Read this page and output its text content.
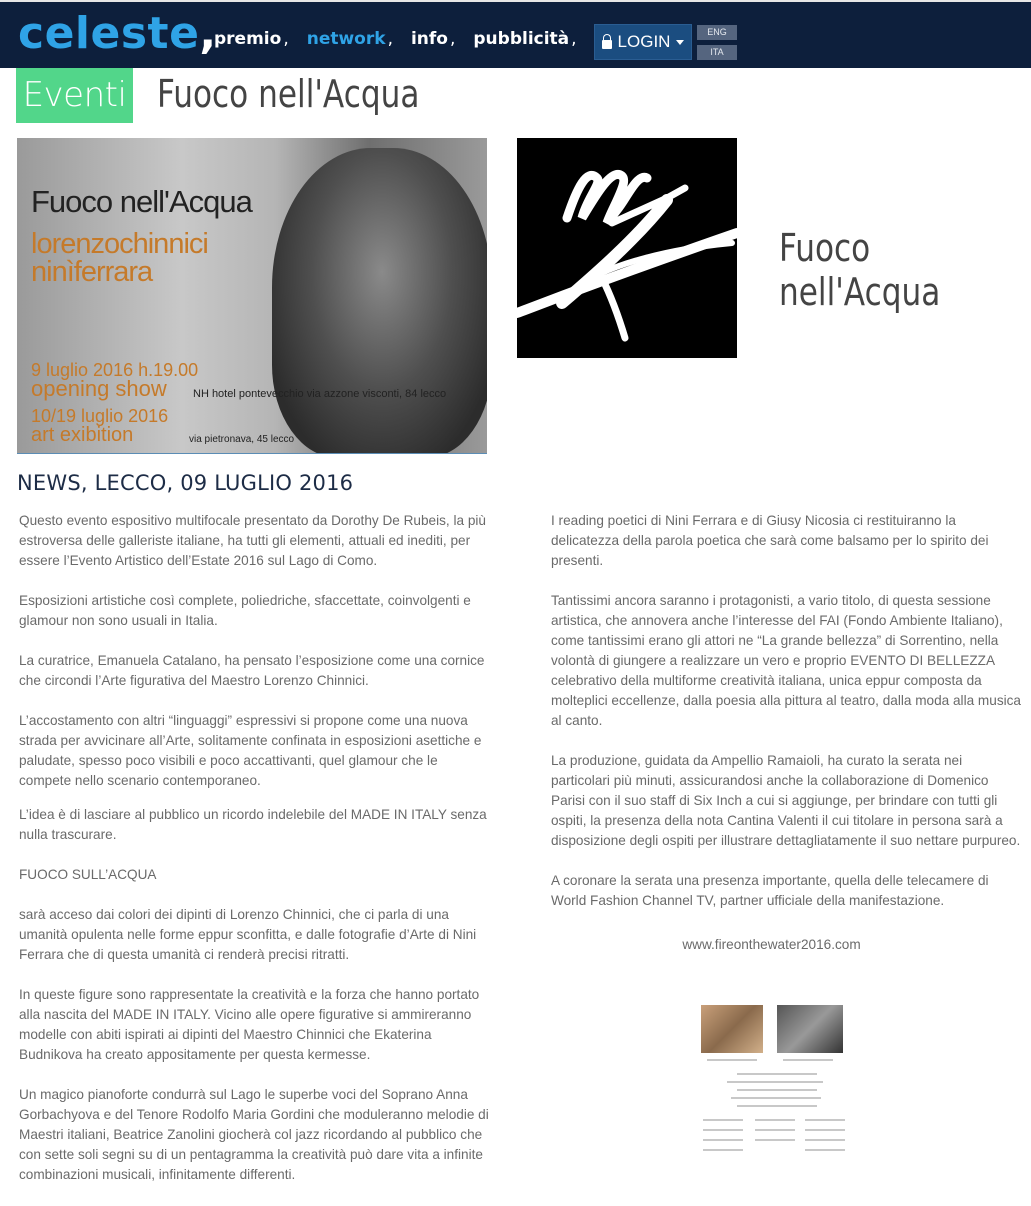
celeste,
premio , network , info , pubblicità , LOGIN	ENG
ITA
Eventi Fuoco nell'Acqua
Fuoco nell'Acqua
lorenzochinnici
ninìferrara
9 luglio 2016 h.19.00
opening show NH hotel pontevecchio via azzone visconti, 84 lecco
10/19 luglio 2016
art exibition	via pietronava, 45 lecco
Fuoco nell'Acqua
NEWS, LECCO, 09 LUGLIO 2016

Questo evento espositivo multifocale presentato da Dorothy De Rubeis, la più estroversa delle galleriste italiane, ha tutti gli elementi, attuali ed inediti, per essere l’Evento Artistico dell’Estate 2016 sul Lago di Como.

Esposizioni artistiche così complete, poliedriche, sfaccettate, coinvolgenti e glamour non sono usuali in Italia.

La curatrice, Emanuela Catalano, ha pensato l’esposizione come una cornice che circondi l’Arte figurativa del Maestro Lorenzo Chinnici.

L’accostamento con altri “linguaggi” espressivi si propone come una nuova strada per avvicinare all’Arte, solitamente confinata in esposizioni asettiche e paludate, spesso poco visibili e poco accattivanti, quel glamour che le compete nello scenario contemporaneo.

L’idea è di lasciare al pubblico un ricordo indelebile del MADE IN ITALY senza nulla trascurare.

FUOCO SULL’ACQUA

sarà acceso dai colori dei dipinti di Lorenzo Chinnici, che ci parla di una umanità opulenta nelle forme eppur sconfitta, e dalle fotografie d’Arte di Nini Ferrara che di questa umanità ci renderà precisi ritratti.

In queste figure sono rappresentate la creatività e la forza che hanno portato alla nascita del MADE IN ITALY. Vicino alle opere figurative si ammireranno modelle con abiti ispirati ai dipinti del Maestro Chinnici che Ekaterina Budnikova ha creato appositamente per questa kermesse.

Un magico pianoforte condurrà sul Lago le superbe voci del Soprano Anna Gorbachyova e del Tenore Rodolfo Maria Gordini che moduleranno melodie di Maestri italiani, Beatrice Zanolini giocherà col jazz ricordando al pubblico che con sette soli segni su di un pentagramma la creatività può dare vita a infinite combinazioni musicali, infinitamente differenti.

I reading poetici di Nini Ferrara e di Giusy Nicosia ci restituiranno la delicatezza della parola poetica che sarà come balsamo per lo spirito dei presenti.

Tantissimi ancora saranno i protagonisti, a vario titolo, di questa sessione artistica, che annovera anche l’interesse del FAI (Fondo Ambiente Italiano), come tantissimi erano gli attori ne “La grande bellezza” di Sorrentino, nella volontà di giungere a realizzare un vero e proprio EVENTO DI BELLEZZA celebrativo della multiforme creatività italiana, unica eppur composta da molteplici eccellenze, dalla poesia alla pittura al teatro, dalla moda alla musica al canto.

La produzione, guidata da Ampellio Ramaioli, ha curato la serata nei particolari più minuti, assicurandosi anche la collaborazione di Domenico Parisi con il suo staff di Six Inch a cui si aggiunge, per brindare con tutti gli ospiti, la presenza della nota Cantina Valenti il cui titolare in persona sarà a disposizione degli ospiti per illustrare dettagliatamente il suo nettare purpureo.

A coronare la serata una presenza importante, quella delle telecamere di World Fashion Channel TV, partner ufficiale della manifestazione.

www.fireonthewater2016.com
